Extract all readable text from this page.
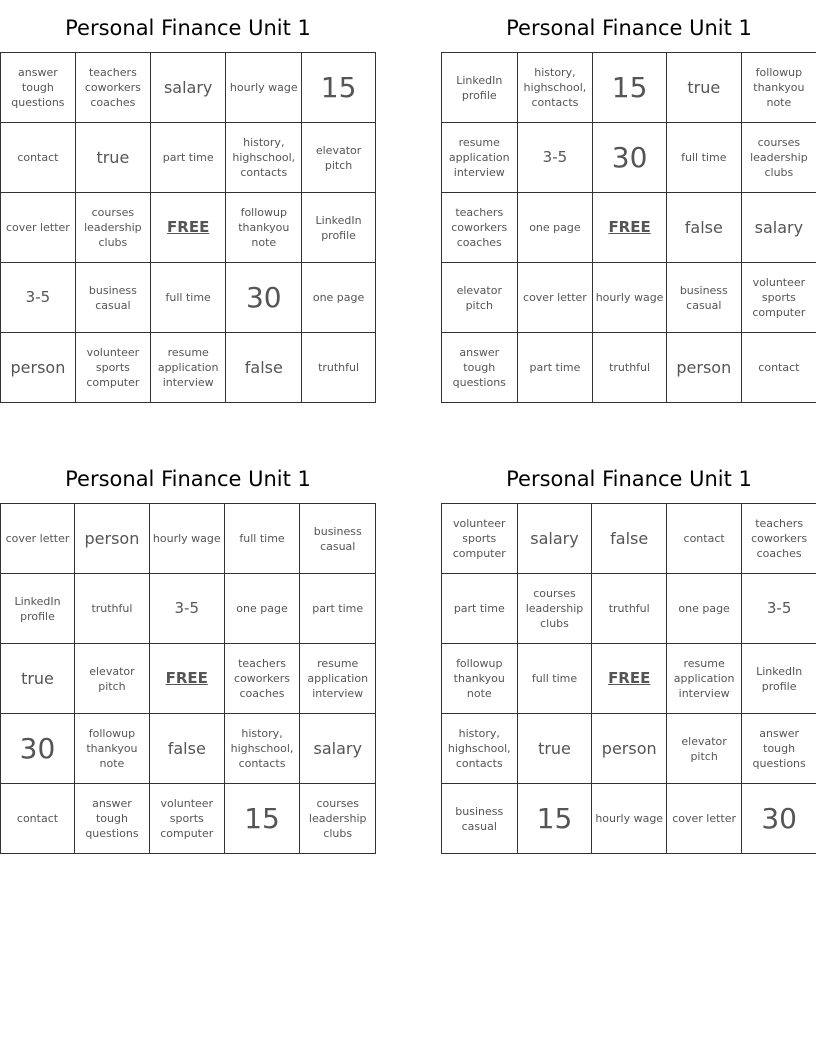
Personal Finance Unit 1
answer tough questions	teachers coworkers coaches	salary	hourly wage	15
contact	true	part time	history, highschool, contacts	elevator pitch
cover letter	courses leadership clubs	FREE	followup thankyou note	LinkedIn profile
3-5	business casual	full time	30	one page
person	volunteer sports computer	resume application interview	false	truthful
Personal Finance Unit 1
LinkedIn profile	history, highschool, contacts	15	true	followup thankyou note
resume application interview	3-5	30	full time	courses leadership clubs
teachers coworkers coaches	one page	FREE	false	salary
elevator pitch	cover letter	hourly wage	business casual	volunteer sports computer
answer tough questions	part time	truthful	person	contact
Personal Finance Unit 1
cover letter	person	hourly wage	full time	business casual
LinkedIn profile	truthful	3-5	one page	part time
true	elevator pitch	FREE	teachers coworkers coaches	resume application interview
30	followup thankyou note	false	history, highschool, contacts	salary
contact	answer tough questions	volunteer sports computer	15	courses leadership clubs
Personal Finance Unit 1
volunteer sports computer	salary	false	contact	teachers coworkers coaches
part time	courses leadership clubs	truthful	one page	3-5
followup thankyou note	full time	FREE	resume application interview	LinkedIn profile
history, highschool, contacts	true	person	elevator pitch	answer tough questions
business casual	15	hourly wage	cover letter	30
